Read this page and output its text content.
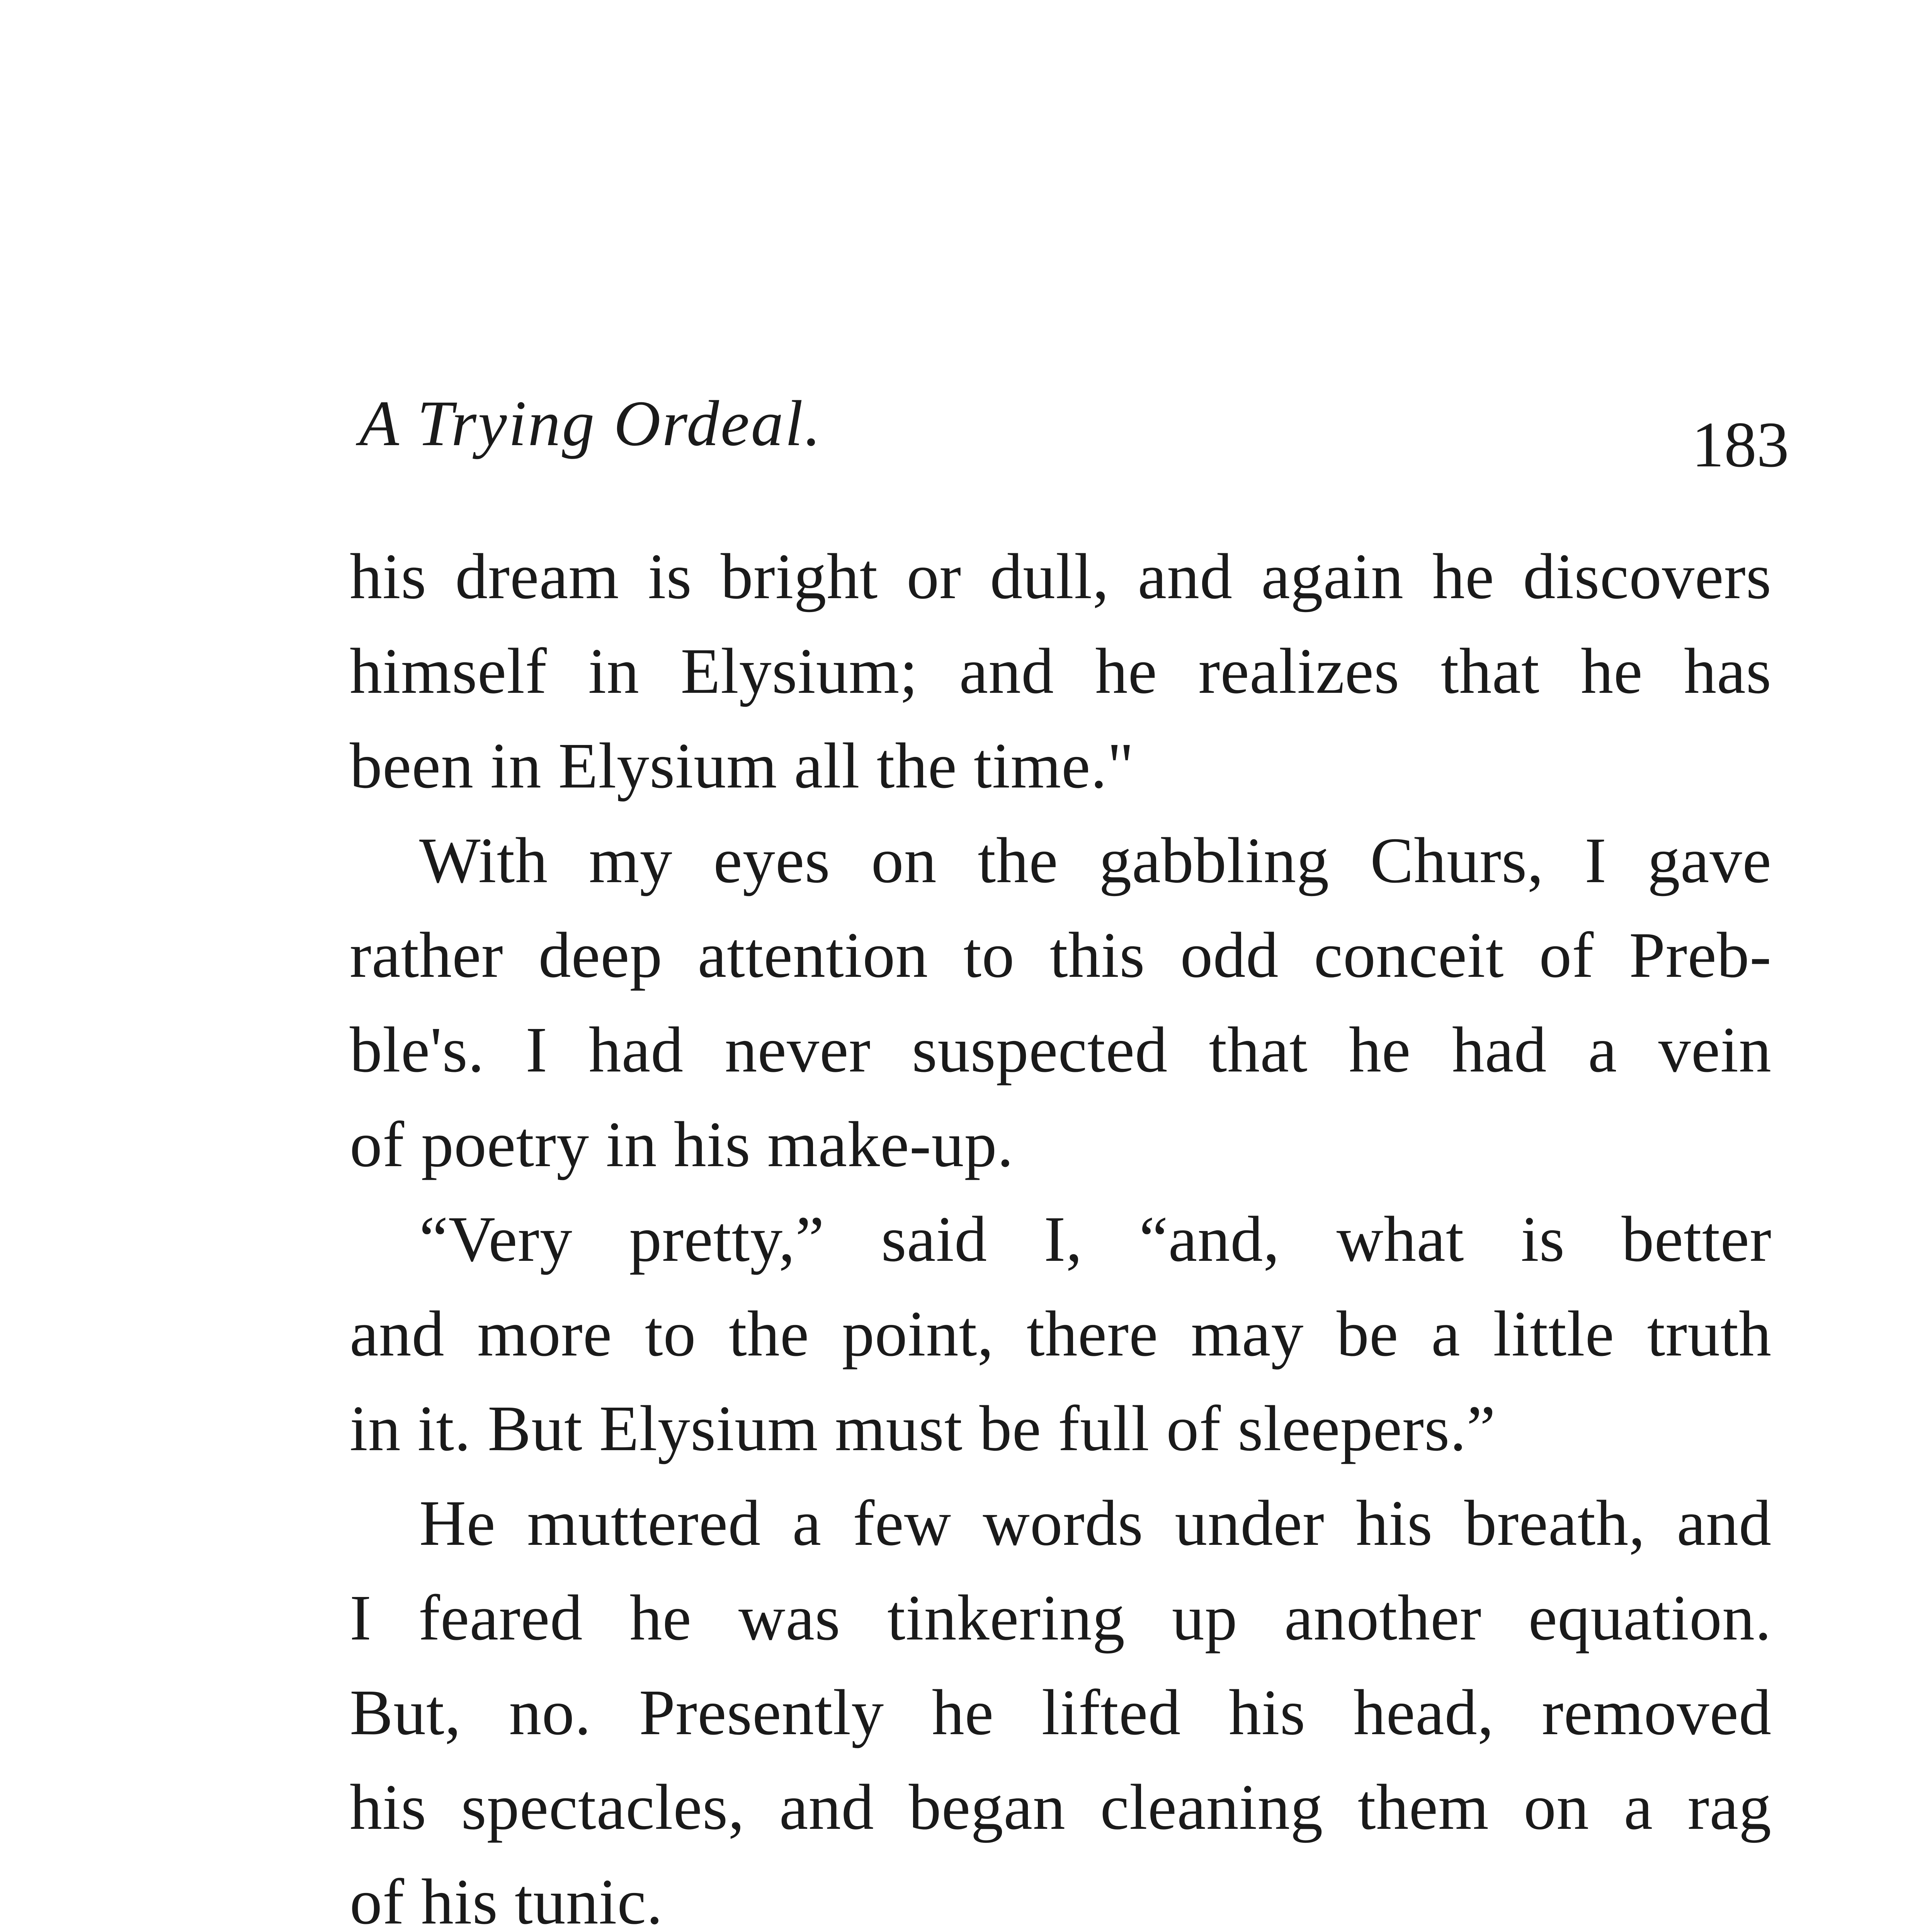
A Trying Ordeal.	183
his dream is bright or dull, and again he discovers
himself in Elysium; and he realizes that he has
been in Elysium all the time."
With my eyes on the gabbling Churs, I gave
rather deep attention to this odd conceit of Preb-
ble's. I had never suspected that he had a vein
of poetry in his make-up.
“Very pretty,” said I, “and, what is better
and more to the point, there may be a little truth
in it. But Elysium must be full of sleepers.”
He muttered a few words under his breath, and
I feared he was tinkering up another equation.
But, no. Presently he lifted his head, removed
his spectacles, and began cleaning them on a rag
of his tunic.
